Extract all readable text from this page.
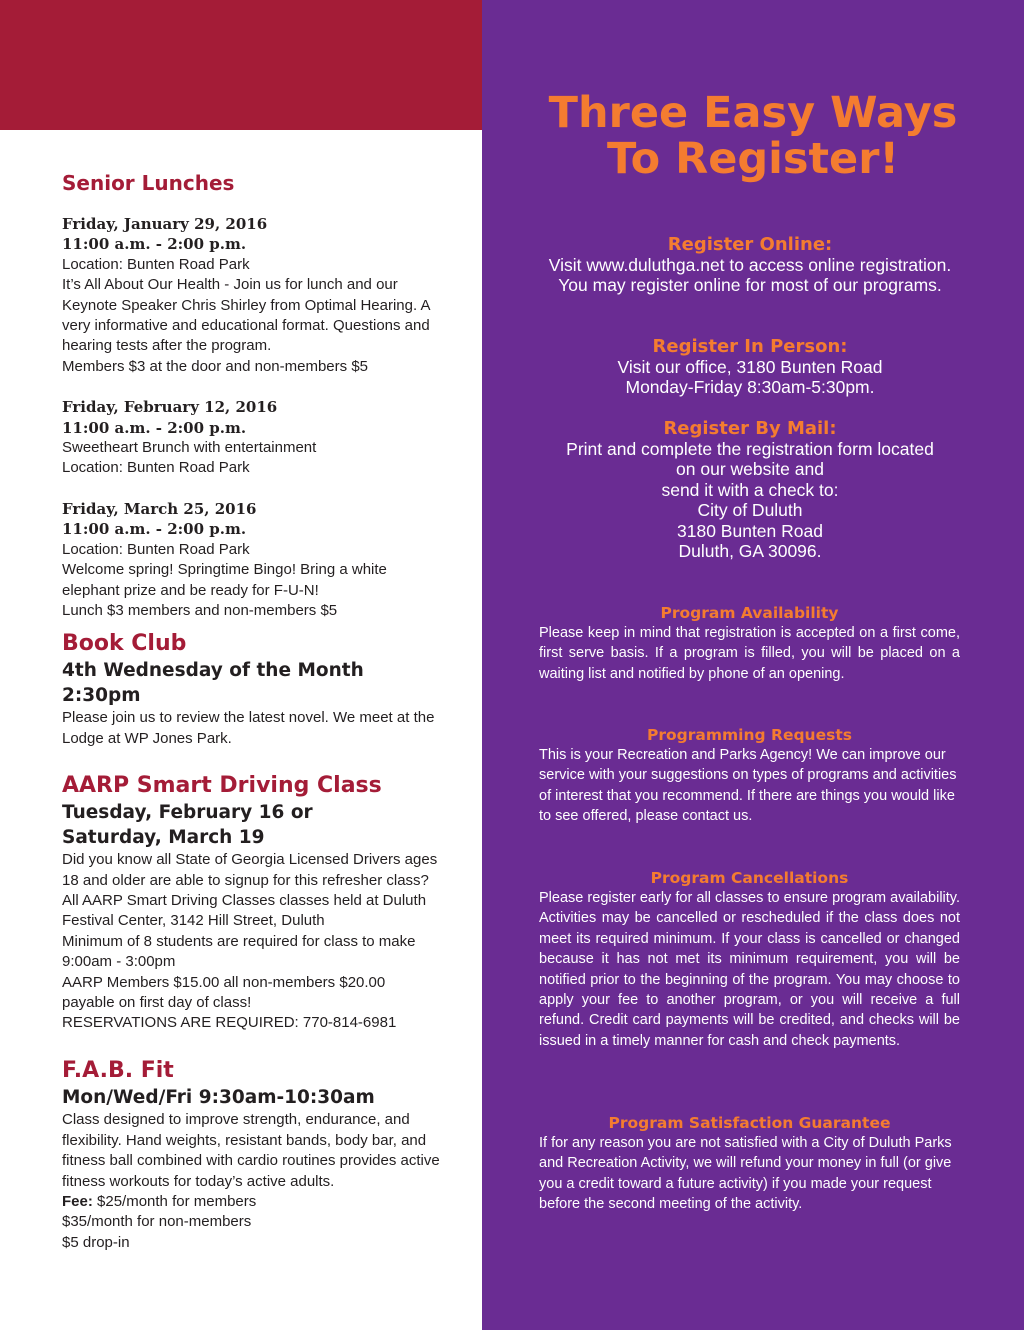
Senior Lunches
Friday, January 29, 2016
11:00 a.m. - 2:00 p.m.
Location: Bunten Road Park
It’s All About Our Health - Join us for lunch and our Keynote Speaker Chris Shirley from Optimal Hearing. A very informative and educational format. Questions and hearing tests after the program.
Members $3 at the door and non-members $5
Friday, February 12, 2016
11:00 a.m. - 2:00 p.m.
Sweetheart Brunch with entertainment
Location: Bunten Road Park
Friday, March 25, 2016
11:00 a.m. - 2:00 p.m.
Location: Bunten Road Park
Welcome spring! Springtime Bingo! Bring a white elephant prize and be ready for F-U-N!
Lunch $3 members and non-members $5
Book Club
4th Wednesday of the Month
2:30pm
Please join us to review the latest novel. We meet at the Lodge at WP Jones Park.
AARP Smart Driving Class
Tuesday, February 16 or
Saturday, March 19
Did you know all State of Georgia Licensed Drivers ages 18 and older are able to signup for this refresher class?
All AARP Smart Driving Classes classes held at Duluth Festival Center, 3142 Hill Street, Duluth
Minimum of 8 students are required for class to make
9:00am - 3:00pm
AARP Members $15.00 all non-members $20.00 payable on first day of class!
RESERVATIONS ARE REQUIRED: 770-814-6981
F.A.B. Fit
Mon/Wed/Fri 9:30am-10:30am
Class designed to improve strength, endurance, and flexibility. Hand weights, resistant bands, body bar, and fitness ball combined with cardio routines provides active fitness workouts for today’s active adults.
Fee: $25/month for members
$35/month for non-members
$5 drop-in
Three Easy Ways
To Register!
Register Online:
Visit www.duluthga.net to access online registration. You may register online for most of our programs.
Register In Person:
Visit our office, 3180 Bunten Road
Monday-Friday 8:30am-5:30pm.
Register By Mail:
Print and complete the registration form located
on our website and
send it with a check to:
City of Duluth
3180 Bunten Road
Duluth, GA 30096.
Program Availability
Please keep in mind that registration is accepted on a first come, first serve basis. If a program is filled, you will be placed on a waiting list and notified by phone of an opening.
Programming Requests
This is your Recreation and Parks Agency! We can improve our service with your suggestions on types of programs and activities of interest that you recommend. If there are things you would like to see offered, please contact us.
Program Cancellations
Please register early for all classes to ensure program availability. Activities may be cancelled or rescheduled if the class does not meet its required minimum. If your class is cancelled or changed because it has not met its minimum requirement, you will be notified prior to the beginning of the program. You may choose to apply your fee to another program, or you will receive a full refund. Credit card payments will be credited, and checks will be issued in a timely manner for cash and check payments.
Program Satisfaction Guarantee
If for any reason you are not satisfied with a City of Duluth Parks and Recreation Activity, we will refund your money in full (or give you a credit toward a future activity) if you made your request before the second meeting of the activity.
